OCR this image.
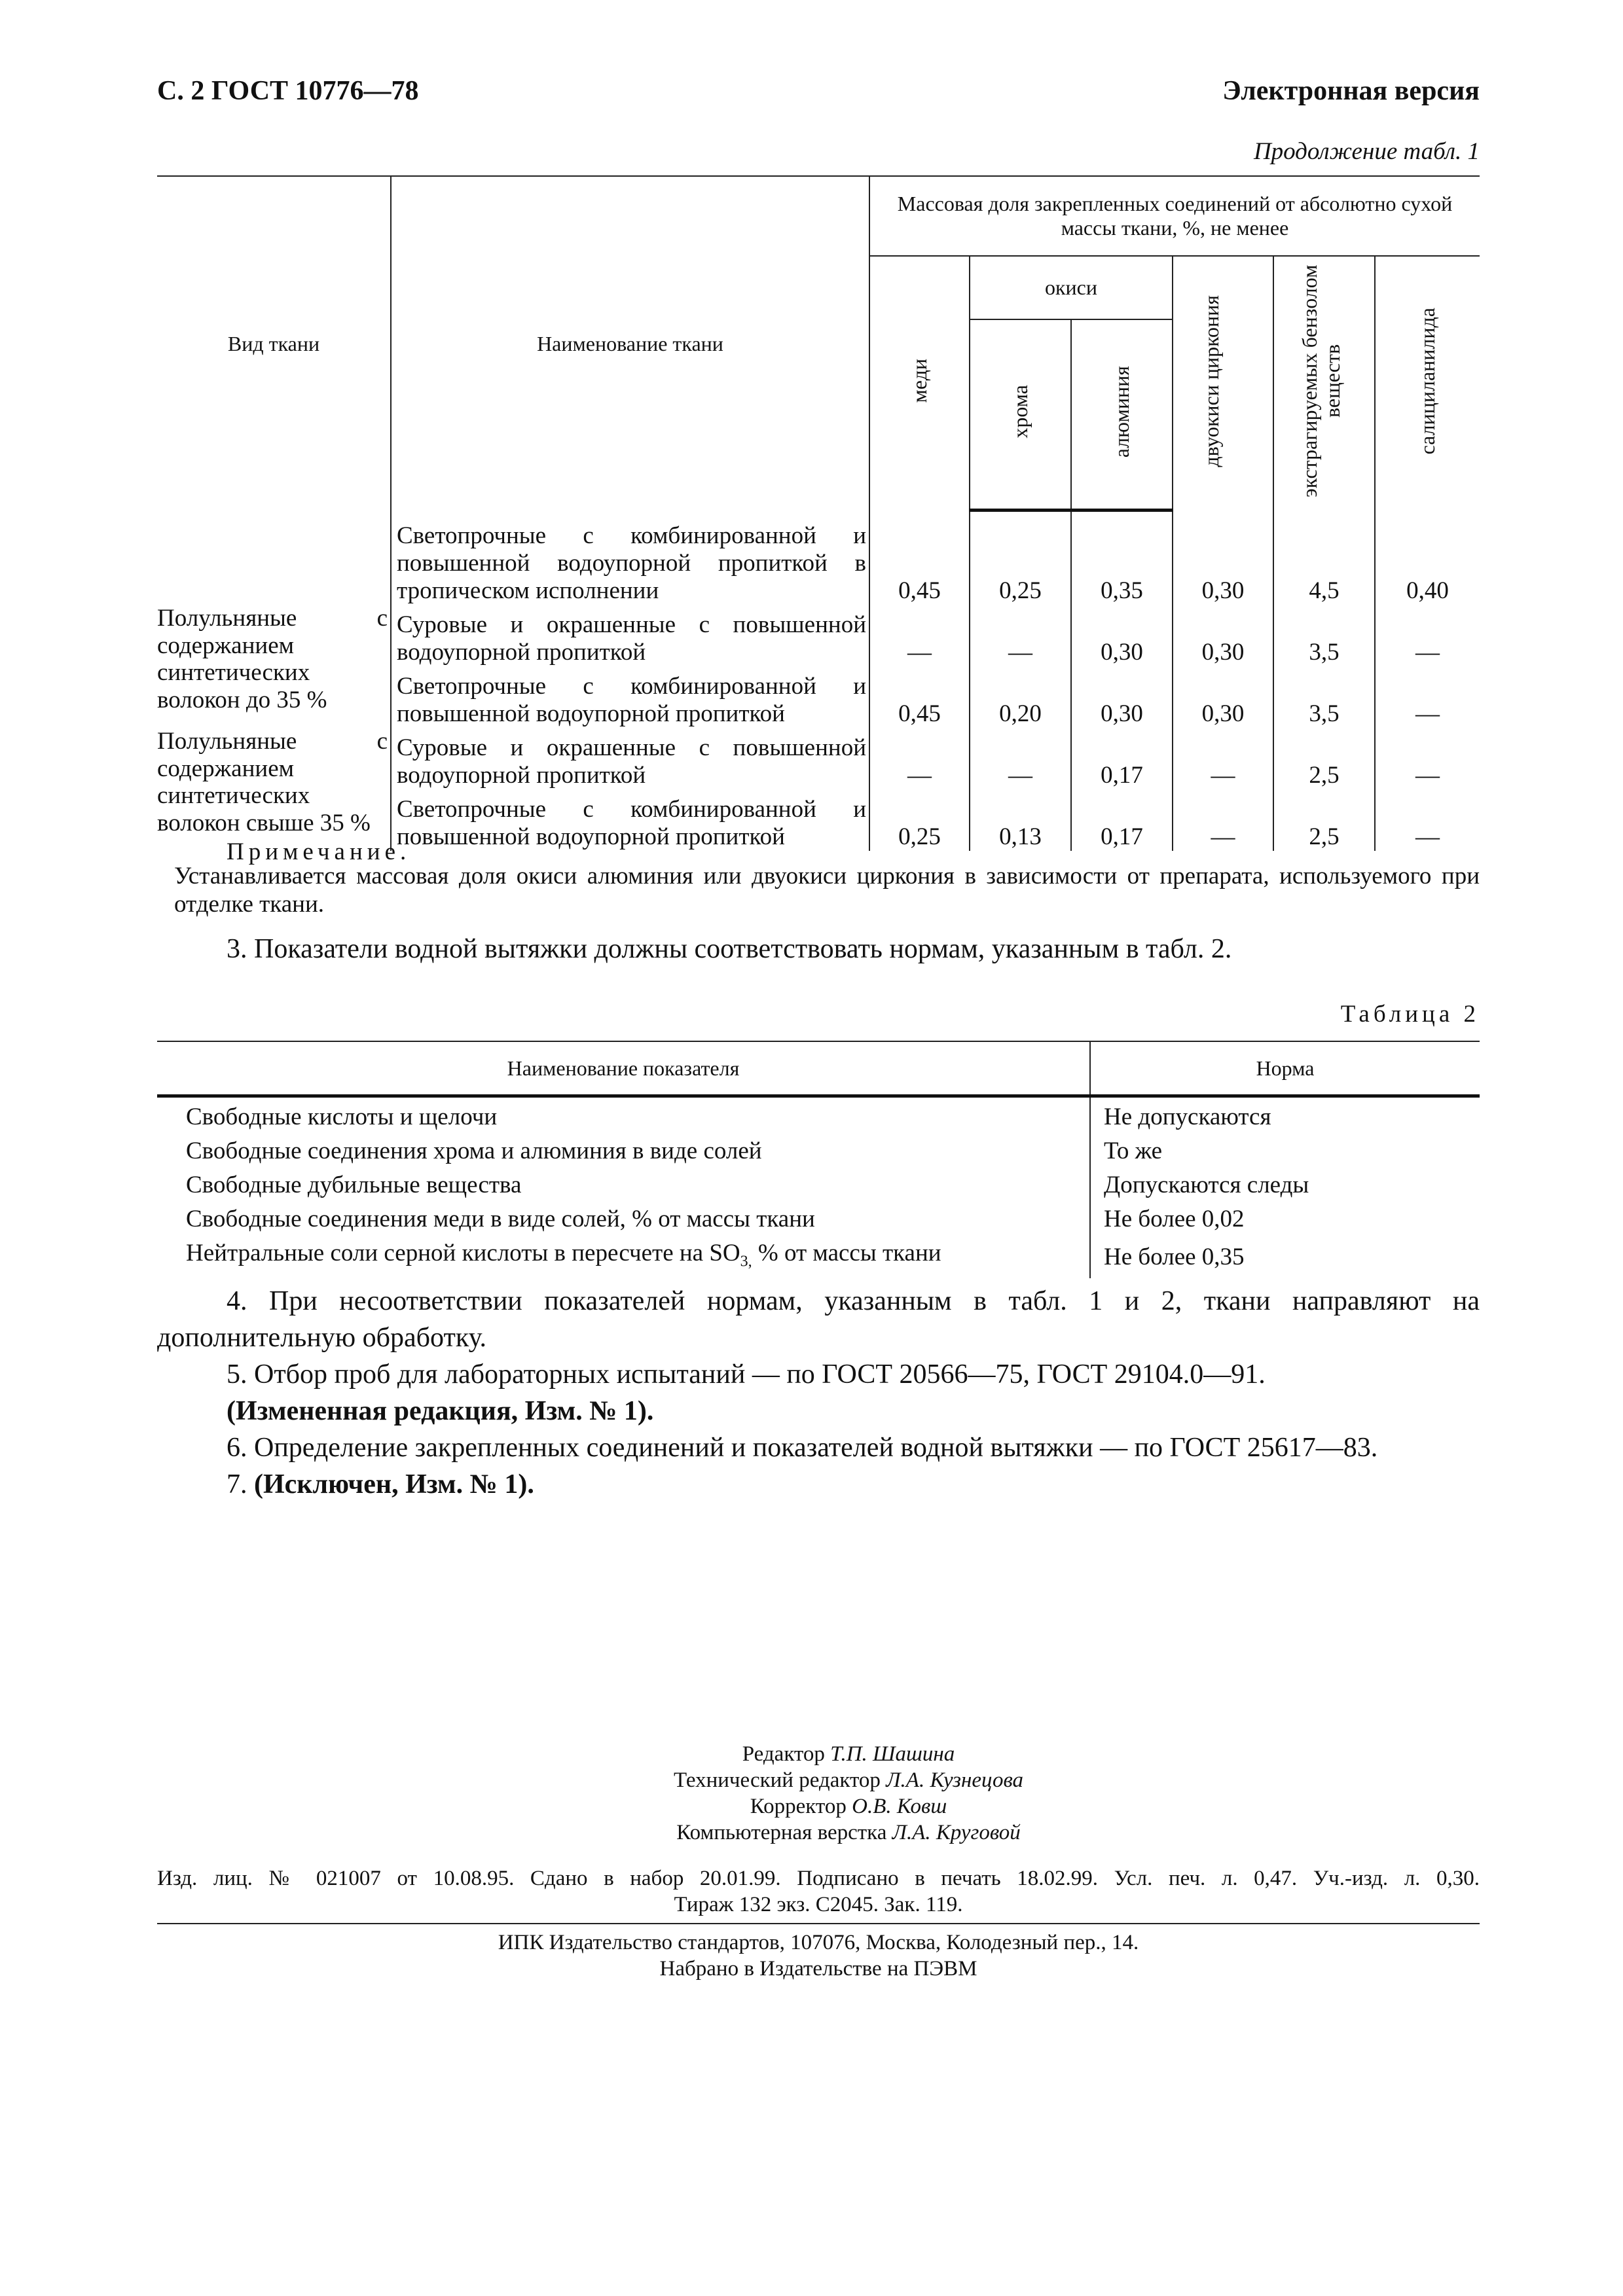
С. 2 ГОСТ 10776—78	Электронная версия
Продолжение табл. 1
Вид ткани	Наименование ткани	Массовая доля закрепленных соединений от абсолютно сухой массы ткани, %, не менее					
		меди	окиси		двуокиси циркония	экстрагируемых бензолом веществ	салициланилида
			хрома	алюминия			

	Светопрочные с комбинированной и повышенной водоупорной пропиткой в тропическом исполнении	0,45	0,25	0,35	0,30	4,5	0,40

Полульняные с содержанием синтетических волокон до 35 %	Суровые и окрашенные с повышенной водоупорной пропиткой	—	—	0,30	0,30	3,5	—

	Светопрочные с комбинированной и повышенной водоупорной пропиткой	0,45	0,20	0,30	0,30	3,5	—

Полульняные с содержанием синтетических волокон свыше 35 %	Суровые и окрашенные с повышенной водоупорной пропиткой	—	—	0,17	—	2,5	—

	Светопрочные с комбинированной и повышенной водоупорной пропиткой	0,25	0,13	0,17	—	2,5	—
Примечание.
Устанавливается массовая доля окиси алюминия или двуокиси циркония в зависимости от препарата, используемого при отделке ткани.
3. Показатели водной вытяжки должны соответствовать нормам, указанным в табл. 2.
Таблица 2
Наименование показателя	Норма
Свободные кислоты и щелочи	Не допускаются
Свободные соединения хрома и алюминия в виде солей	То же
Свободные дубильные вещества	Допускаются следы
Свободные соединения меди в виде солей, % от массы ткани	Не более 0,02
Нейтральные соли серной кислоты в пересчете на $SO_{3,}$ % от массы ткани	Не более 0,35

4. При несоответствии показателей нормам, указанным в табл. 1 и 2, ткани направляют на дополнительную обработку.

5. Отбор проб для лабораторных испытаний — по ГОСТ 20566—75, ГОСТ 29104.0—91.

(Измененная редакция, Изм. № 1).

6. Определение закрепленных соединений и показателей водной вытяжки — по ГОСТ 25617—83.

7. (Исключен, Изм. № 1).

Редактор Т.П. Шашина
Технический редактор Л.А. Кузнецова
Корректор О.В. Ковш
Компьютерная верстка Л.А. Круговой
Изд. лиц. № 021007 от 10.08.95. Сдано в набор 20.01.99. Подписано в печать 18.02.99. Усл. печ. л. 0,47. Уч.-изд. л. 0,30.
Тираж 132 экз. С2045. Зак. 119.
ИПК Издательство стандартов, 107076, Москва, Колодезный пер., 14.
Набрано в Издательстве на ПЭВМ
